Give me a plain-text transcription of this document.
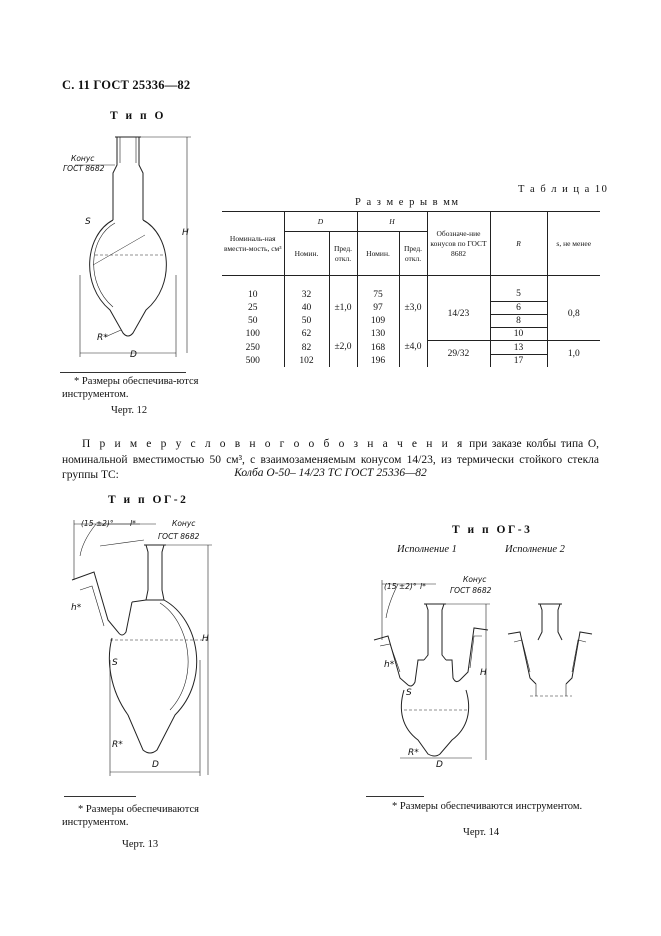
С. 11 ГОСТ 25336—82
Т и п О
Конус
ГОСТ 8682
S
H
R*
D
* Размеры обеспечива-ются инструментом.
Черт. 12
Т а б л и ц а 10
Р а з м е р ы в мм
Номиналь-ная вмести-мость, см³	D		H		Обозначе-ние конусов по ГОСТ 8682	R	s, не менее
	Номин.	Пред. откл.	Номин.	Пред. откл.			

10	32	±1,0	75	±3,0	14/23	5	0,8
25	40		97			6	
50	50		109			8	
100	62	±2,0	130	±4,0		10	
250	82		168		29/32	13	1,0
500	102		196			17	
П р и м е р у с л о в н о г о о б о з н а ч е н и я при заказе колбы типа О, номинальной вместимостью 50 см³, с взаимозаменяемым конусом 14/23, из термически стойкого стекла группы ТС:	Колба О-50– 14/23 ТС ГОСТ 25336—82
Т и п ОГ-2
(15 ±2)° l*	Конус
ГОСТ 8682
h*
S
H
R*
D
* Размеры обеспечиваются инструментом.
Черт. 13
Т и п ОГ-3
Исполнение 1	Исполнение 2
(15 ±2)° l*
Конус
ГОСТ 8682
h*
S
H
R*
D
* Размеры обеспечиваются инструментом.
Черт. 14
